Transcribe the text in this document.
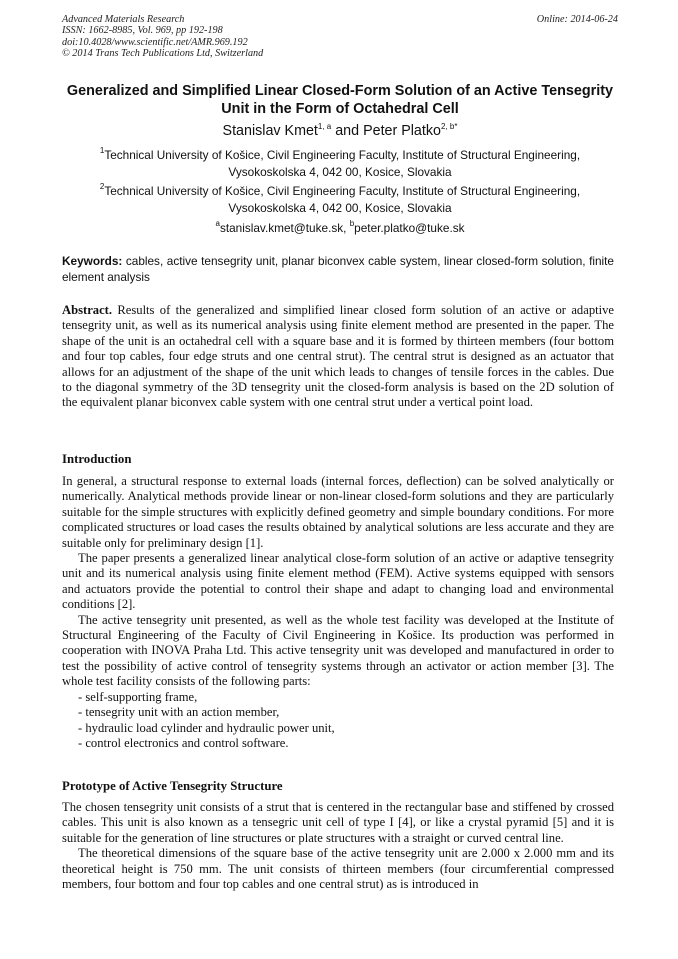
Advanced Materials Research
ISSN: 1662-8985, Vol. 969, pp 192-198
doi:10.4028/www.scientific.net/AMR.969.192
© 2014 Trans Tech Publications Ltd, Switzerland
Online: 2014-06-24
Generalized and Simplified Linear Closed-Form Solution of an Active Tensegrity Unit in the Form of Octahedral Cell
Stanislav Kmet$^{1, a}$ and Peter Platko$^{2, b*}$
$^1$Technical University of Košice, Civil Engineering Faculty, Institute of Structural Engineering,
Vysokoskolska 4, 042 00, Kosice, Slovakia
$^2$Technical University of Košice, Civil Engineering Faculty, Institute of Structural Engineering,
Vysokoskolska 4, 042 00, Kosice, Slovakia
$^a$stanislav.kmet@tuke.sk, $^b$peter.platko@tuke.sk
Keywords: cables, active tensegrity unit, planar biconvex cable system, linear closed-form solution, finite element analysis

Abstract. Results of the generalized and simplified linear closed form solution of an active or adaptive tensegrity unit, as well as its numerical analysis using finite element method are presented in the paper. The shape of the unit is an octahedral cell with a square base and it is formed by thirteen members (four bottom and four top cables, four edge struts and one central strut). The central strut is designed as an actuator that allows for an adjustment of the shape of the unit which leads to changes of tensile forces in the cables. Due to the diagonal symmetry of the 3D tensegrity unit the closed-form analysis is based on the 2D solution of the equivalent planar biconvex cable system with one central strut under a vertical point load.

Introduction

In general, a structural response to external loads (internal forces, deflection) can be solved analytically or numerically. Analytical methods provide linear or non-linear closed-form solutions and they are particularly suitable for the simple structures with explicitly defined geometry and simple boundary conditions. For more complicated structures or load cases the results obtained by analytical solutions are less accurate and they are suitable only for preliminary design [1].

The paper presents a generalized linear analytical close-form solution of an active or adaptive tensegrity unit and its numerical analysis using finite element method (FEM). Active systems equipped with sensors and actuators provide the potential to control their shape and adapt to changing load and environmental conditions [2].

The active tensegrity unit presented, as well as the whole test facility was developed at the Institute of Structural Engineering of the Faculty of Civil Engineering in Košice. Its production was performed in cooperation with INOVA Praha Ltd. This active tensegrity unit was developed and manufactured in order to test the possibility of active control of tensegrity systems through an activator or action member [3]. The whole test facility consists of the following parts:

- self-supporting frame,
- tensegrity unit with an action member,
- hydraulic load cylinder and hydraulic power unit,
- control electronics and control software.
Prototype of Active Tensegrity Structure

The chosen tensegrity unit consists of a strut that is centered in the rectangular base and stiffened by crossed cables. This unit is also known as a tensegric unit cell of type I [4], or like a crystal pyramid [5] and it is suitable for the generation of line structures or plate structures with a straight or curved central line.

The theoretical dimensions of the square base of the active tensegrity unit are 2.000 x 2.000 mm and its theoretical height is 750 mm. The unit consists of thirteen members (four circumferential compressed members, four bottom and four top cables and one central strut) as is introduced in
